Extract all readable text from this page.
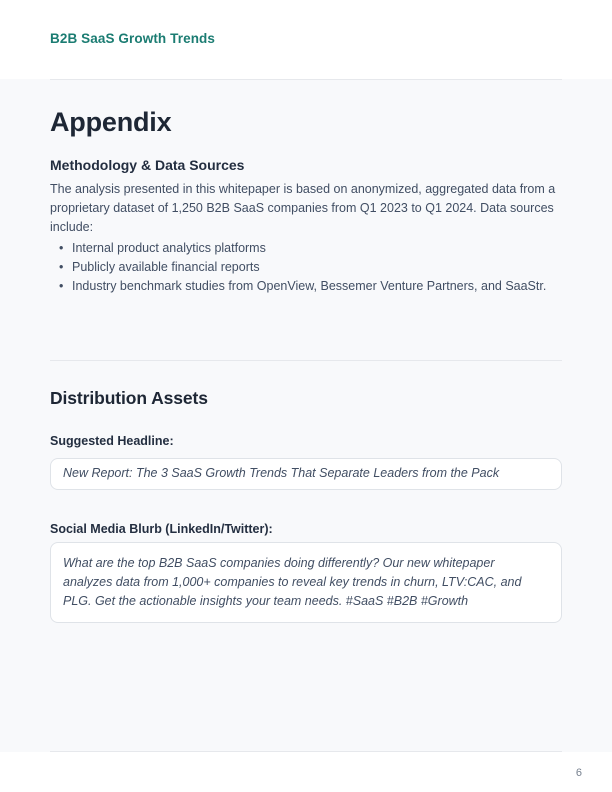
B2B SaaS Growth Trends
Appendix
Methodology & Data Sources

The analysis presented in this whitepaper is based on anonymized, aggregated data from a proprietary dataset of 1,250 B2B SaaS companies from Q1 2023 to Q1 2024. Data sources include:

• Internal product analytics platforms
• Publicly available financial reports
• Industry benchmark studies from OpenView, Bessemer Venture Partners, and SaaStr.
Distribution Assets
Suggested Headline:

New Report: The 3 SaaS Growth Trends That Separate Leaders from the Pack

Social Media Blurb (LinkedIn/Twitter):

What are the top B2B SaaS companies doing differently? Our new whitepaper analyzes data from 1,000+ companies to reveal key trends in churn, LTV:CAC, and PLG. Get the actionable insights your team needs. #SaaS #B2B #Growth

6
